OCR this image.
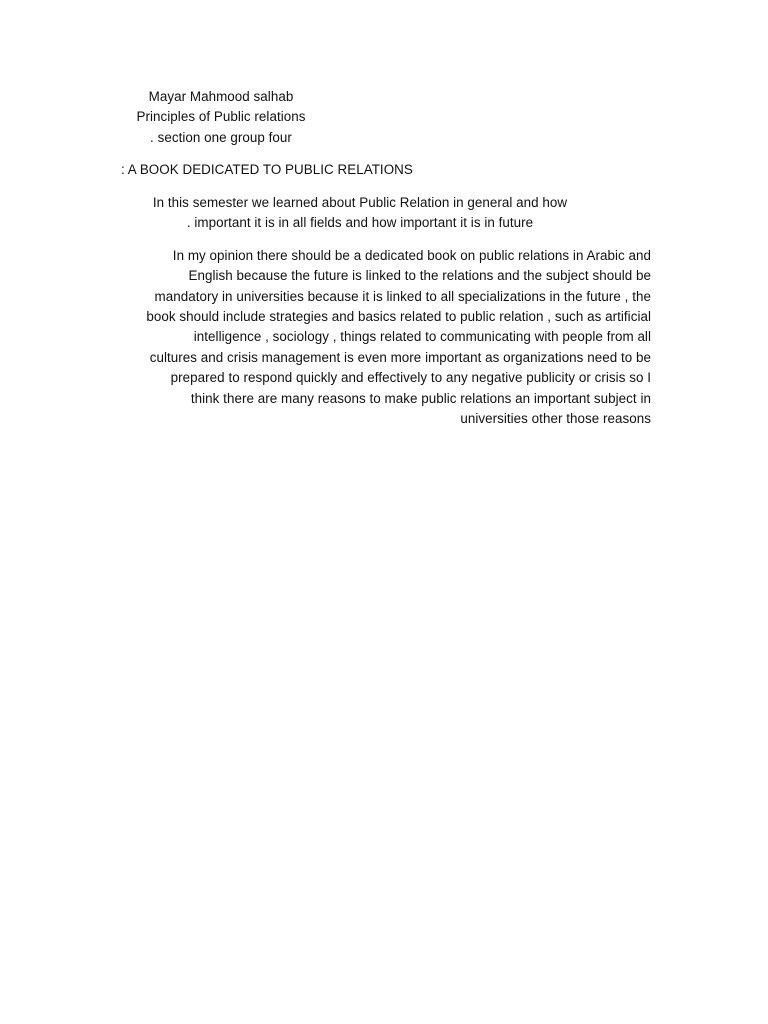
Mayar Mahmood salhab
Principles of Public relations
. section one group four
: A BOOK DEDICATED TO PUBLIC RELATIONS
In this semester we learned about Public Relation in general and how
. important it is in all fields and how important it is in future
In my opinion there should be a dedicated book on public relations in Arabic and
English because the future is linked to the relations and the subject should be
mandatory in universities because it is linked to all specializations in the future , the
book should include strategies and basics related to public relation , such as artificial
intelligence , sociology , things related to communicating with people from all
cultures and crisis management is even more important as organizations need to be
prepared to respond quickly and effectively to any negative publicity or crisis so I
think there are many reasons to make public relations an important subject in
universities other those reasons
